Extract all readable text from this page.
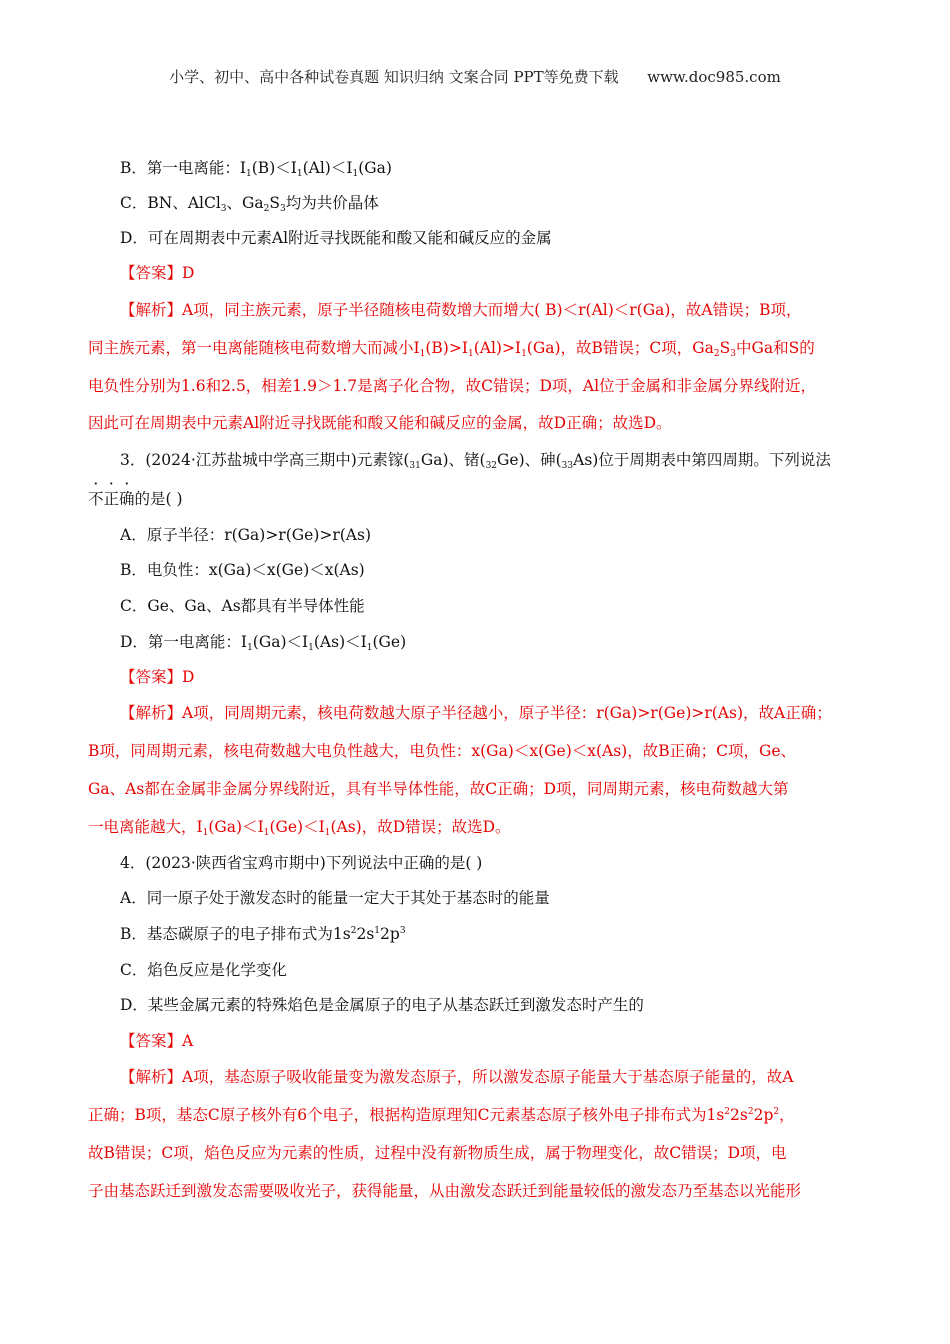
小学、初中、高中各种试卷真题 知识归纳 文案合同 PPT等免费下载      www.doc985.com
B．第一电离能：$I_1(B)<I_1(Al)<I_1(Ga)$
C．BN、AlCl$_3$、$Ga_2S_3$均为共价晶体
D．可在周期表中元素Al附近寻找既能和酸又能和碱反应的金属
【答案】D
【解析】A项，同主族元素，原子半径随核电荷数增大而增大( B)＜r(Al)＜r(Ga)，故A错误；B项，
同主族元素，第一电离能随核电荷数增大而减小$I_1(B)>I_1(Al)>I_1(Ga)$，故B错误；C项，$Ga_2S_3$中Ga和S的
电负性分别为1.6和2.5，相差1.9＞1.7是离子化合物，故C错误；D项，Al位于金属和非金属分界线附近，
因此可在周期表中元素Al附近寻找既能和酸又能和碱反应的金属，故D正确；故选D。
3．(2024·江苏盐城中学高三期中)元素镓$(_{31}Ga)$、锗$(_{32}Ge)$、砷$(_{33}As)$位于周期表中第四周期。下列说法
不正确的是( )
A．原子半径：r(Ga)>r(Ge)>r(As)
B．电负性：x(Ga)＜x(Ge)＜x(As)
C．Ge、Ga、As都具有半导体性能
D．第一电离能：$I_1(Ga)<I_1(As)<I_1(Ge)$
【答案】D
【解析】A项，同周期元素，核电荷数越大原子半径越小，原子半径：r(Ga)>r(Ge)>r(As)，故A正确；
B项，同周期元素，核电荷数越大电负性越大，电负性：x(Ga)＜x(Ge)＜x(As)，故B正确；C项，Ge、
Ga、As都在金属非金属分界线附近，具有半导体性能，故C正确；D项，同周期元素，核电荷数越大第
一电离能越大，$I_1(Ga)<I_1(Ge)<I_1(As)$，故D错误；故选D。
4．(2023·陕西省宝鸡市期中)下列说法中正确的是( )
A．同一原子处于激发态时的能量一定大于其处于基态时的能量
B．基态碳原子的电子排布式为$1s^22s^12p^3$
C．焰色反应是化学变化
D．某些金属元素的特殊焰色是金属原子的电子从基态跃迁到激发态时产生的
【答案】A
【解析】A项，基态原子吸收能量变为激发态原子，所以激发态原子能量大于基态原子能量的，故A
正确；B项，基态C原子核外有6个电子，根据构造原理知C元素基态原子核外电子排布式为$1s^22s^22p^2$，
故B错误；C项，焰色反应为元素的性质，过程中没有新物质生成，属于物理变化，故C错误；D项，电
子由基态跃迁到激发态需要吸收光子，获得能量，从由激发态跃迁到能量较低的激发态乃至基态以光能形
